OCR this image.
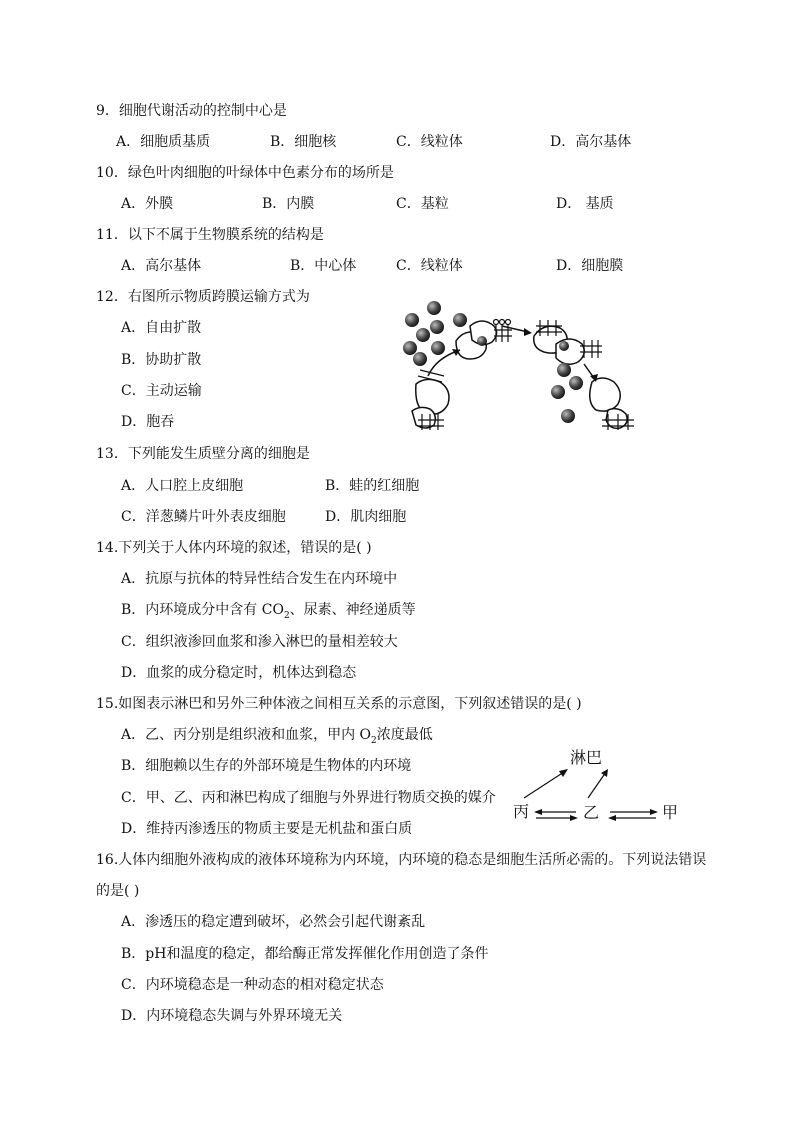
9．细胞代谢活动的控制中心是
A．细胞质基质	B．细胞核	C．线粒体	D．高尔基体
10．绿色叶肉细胞的叶绿体中色素分布的场所是
A．外膜	B．内膜	C．基粒	D． 基质
11．以下不属于生物膜系统的结构是
A．高尔基体	B．中心体	C．线粒体	D．细胞膜
12．右图所示物质跨膜运输方式为
A．自由扩散
B．协助扩散
C．主动运输
D．胞吞
13．下列能发生质壁分离的细胞是
A．人口腔上皮细胞	B．蛙的红细胞
C．洋葱鳞片叶外表皮细胞	D．肌肉细胞
14.下列关于人体内环境的叙述，错误的是( )
A．抗原与抗体的特异性结合发生在内环境中
B．内环境成分中含有 $CO_2$、尿素、神经递质等
C．组织液渗回血浆和渗入淋巴的量相差较大
D．血浆的成分稳定时，机体达到稳态
15.如图表示淋巴和另外三种体液之间相互关系的示意图，下列叙述错误的是( )
A．乙、丙分别是组织液和血浆，甲内 $O_2$浓度最低
B．细胞赖以生存的外部环境是生物体的内环境
C．甲、乙、丙和淋巴构成了细胞与外界进行物质交换的媒介
D．维持丙渗透压的物质主要是无机盐和蛋白质
淋巴
丙	乙	甲
16.人体内细胞外液构成的液体环境称为内环境，内环境的稳态是细胞生活所必需的。下列说法错误
的是( )
A．渗透压的稳定遭到破坏，必然会引起代谢紊乱
B．pH和温度的稳定，都给酶正常发挥催化作用创造了条件
C．内环境稳态是一种动态的相对稳定状态
D．内环境稳态失调与外界环境无关
